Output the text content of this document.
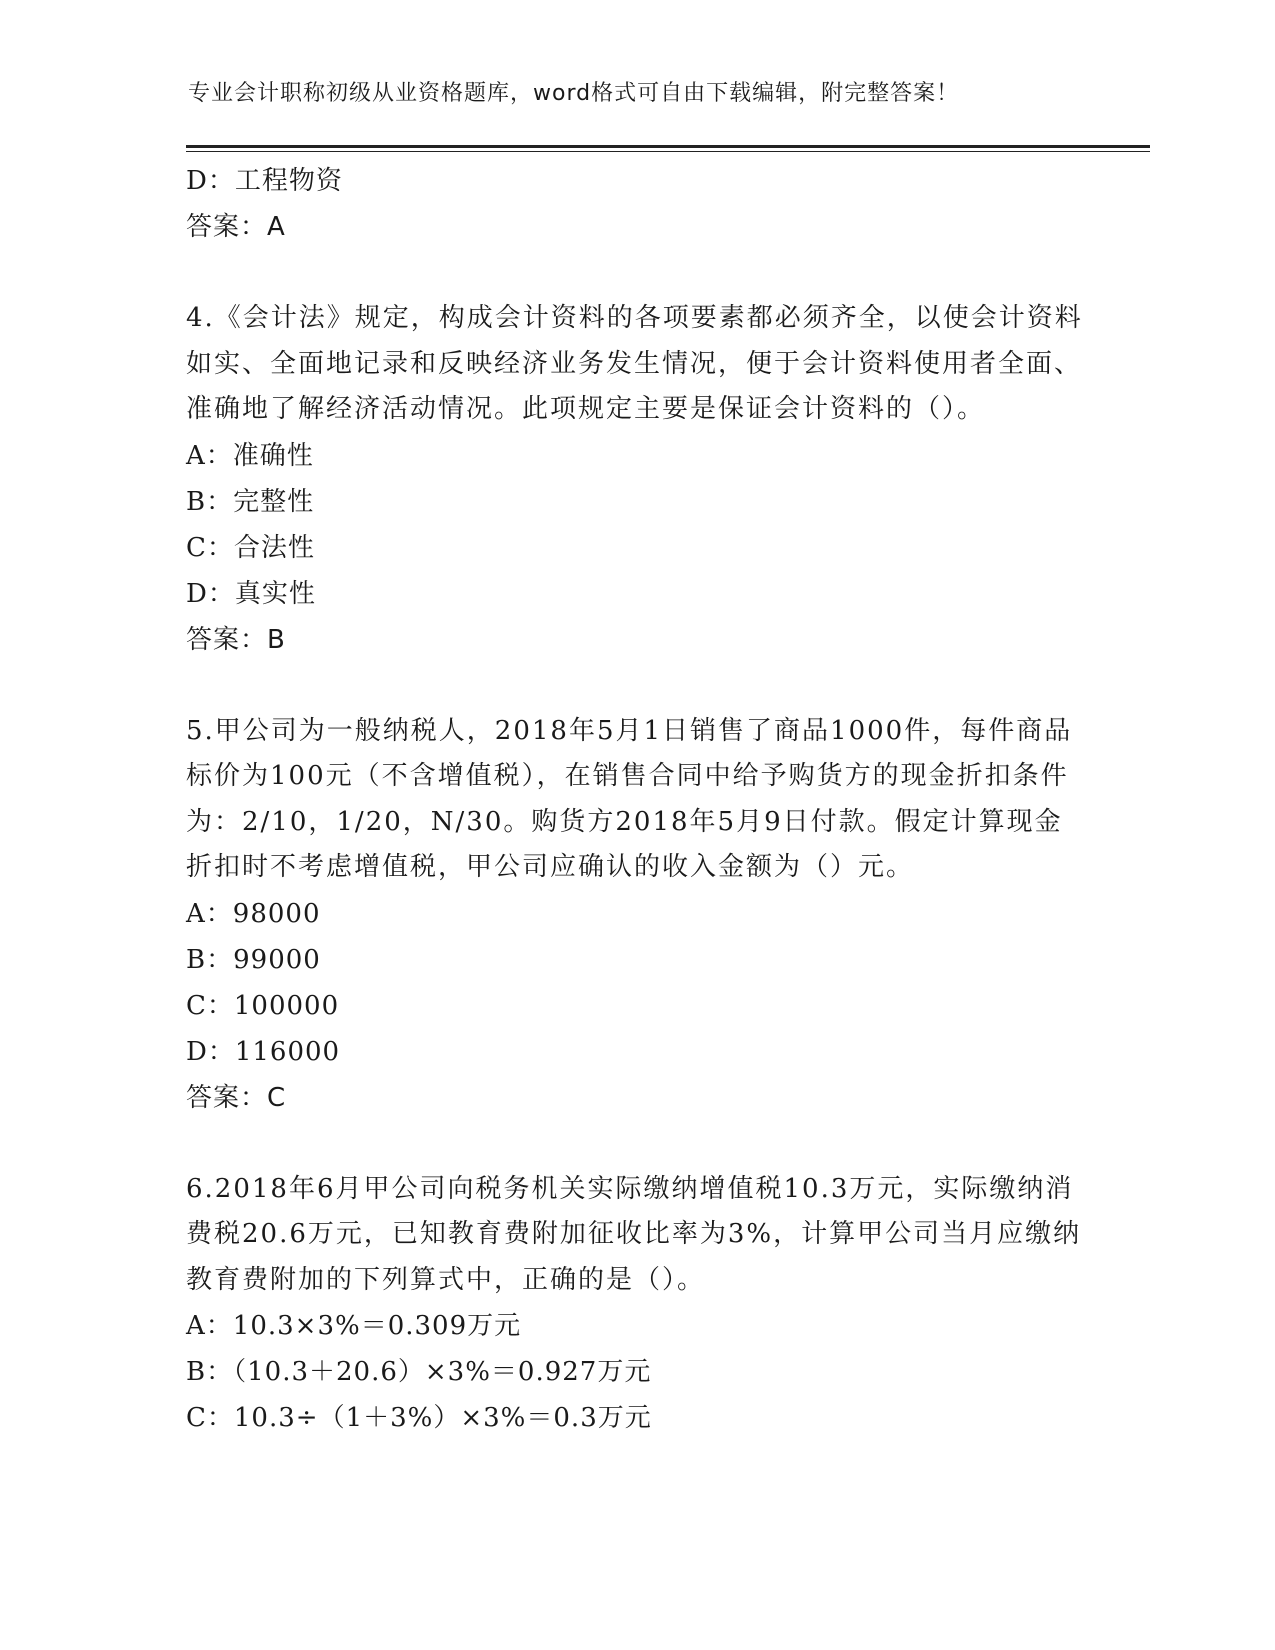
专业会计职称初级从业资格题库，word格式可自由下载编辑，附完整答案！
D：工程物资
答案：A
4.《会计法》规定，构成会计资料的各项要素都必须齐全，以使会计资料如实、全面地记录和反映经济业务发生情况，便于会计资料使用者全面、准确地了解经济活动情况。此项规定主要是保证会计资料的（）。
A：准确性
B：完整性
C：合法性
D：真实性
答案：B
5.甲公司为一般纳税人，2018年5月1日销售了商品1000件，每件商品标价为100元（不含增值税），在销售合同中给予购货方的现金折扣条件为：2/10，1/20，N/30。购货方2018年5月9日付款。假定计算现金折扣时不考虑增值税，甲公司应确认的收入金额为（）元。
A：98000
B：99000
C：100000
D：116000
答案：C
6.2018年6月甲公司向税务机关实际缴纳增值税10.3万元，实际缴纳消费税20.6万元，已知教育费附加征收比率为3%，计算甲公司当月应缴纳教育费附加的下列算式中，正确的是（）。
A：10.3×3%＝0.309万元
B：（10.3＋20.6）×3%＝0.927万元
C：10.3÷（1＋3%）×3%＝0.3万元
